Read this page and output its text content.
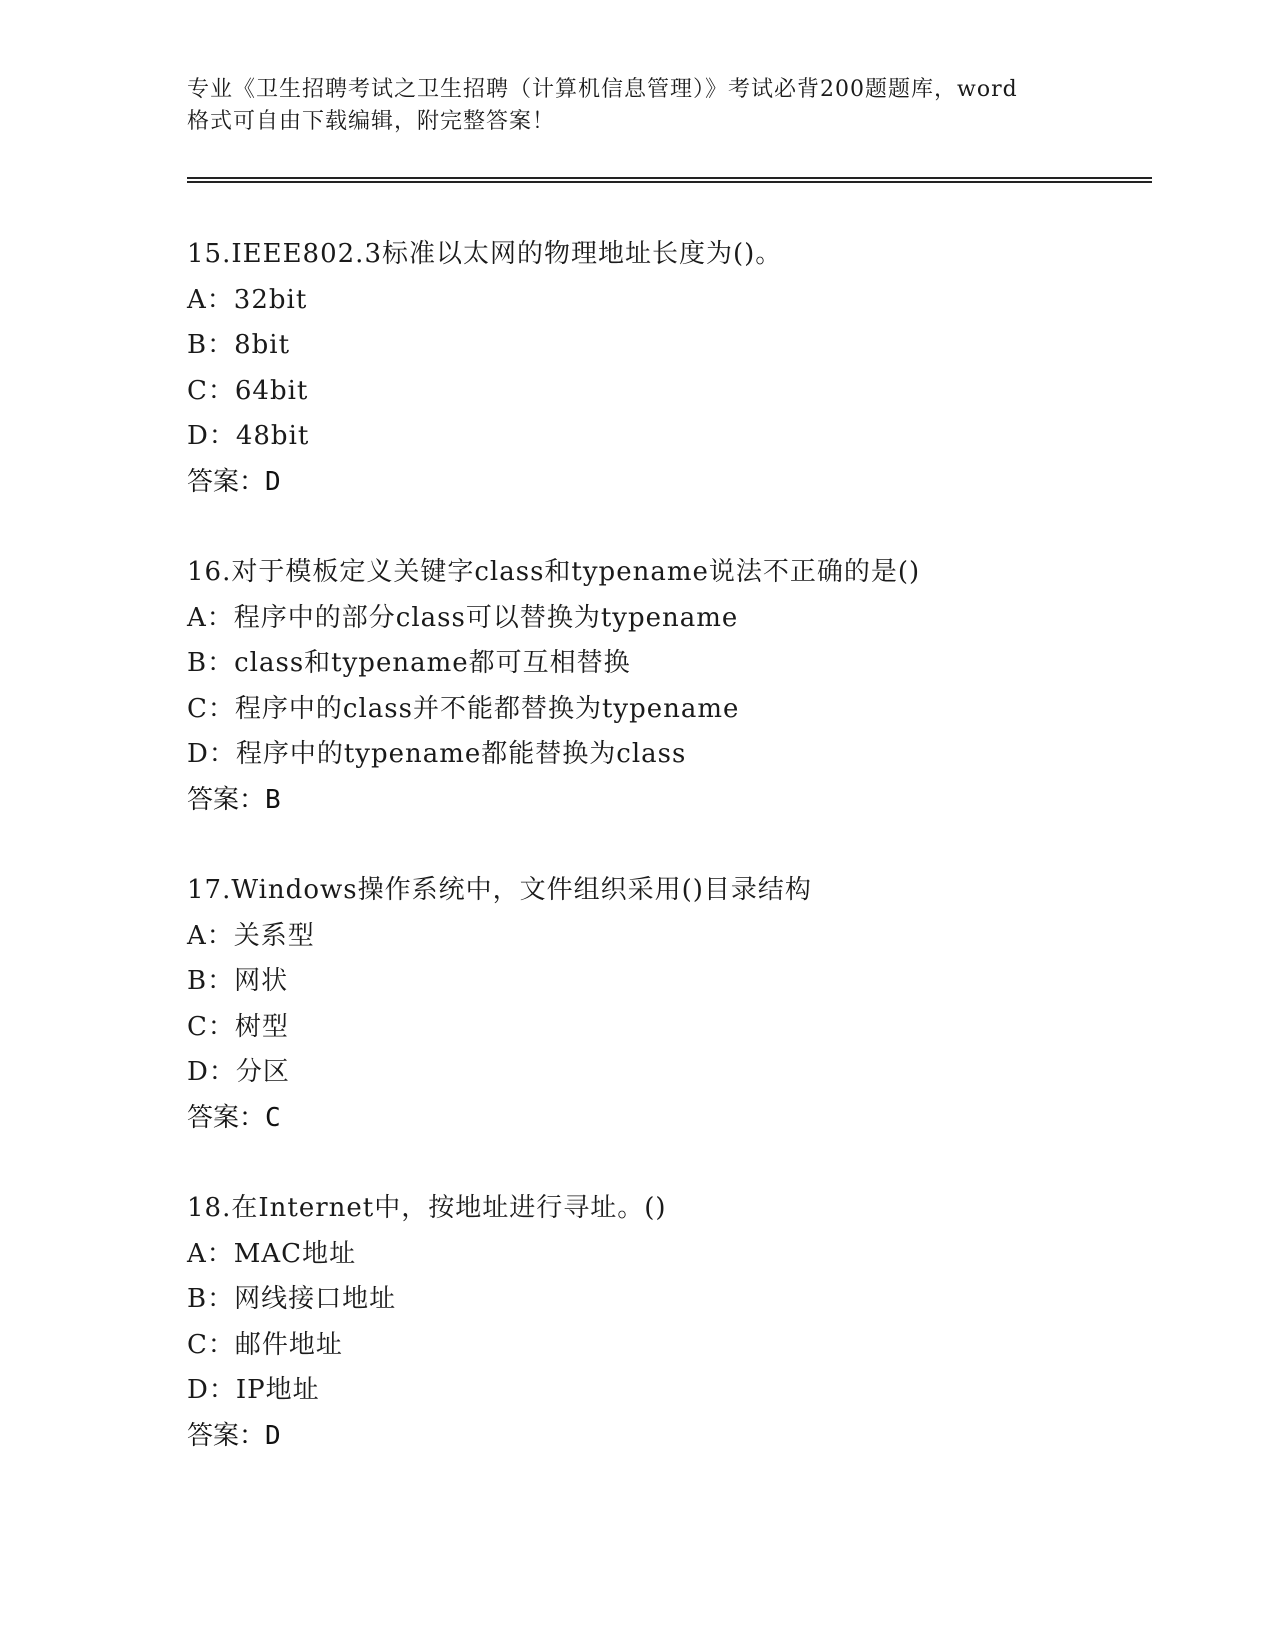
专业《卫生招聘考试之卫生招聘（计算机信息管理）》考试必背200题题库，word
格式可自由下载编辑，附完整答案！
15.IEEE802.3标准以太网的物理地址长度为()。
A：32bit
B：8bit
C：64bit
D：48bit
答案：D
16.对于模板定义关键字class和typename说法不正确的是()
A：程序中的部分class可以替换为typename
B：class和typename都可互相替换
C：程序中的class并不能都替换为typename
D：程序中的typename都能替换为class
答案：B
17.Windows操作系统中，文件组织采用()目录结构
A：关系型
B：网状
C：树型
D：分区
答案：C
18.在Internet中，按地址进行寻址。()
A：MAC地址
B：网线接口地址
C：邮件地址
D：IP地址
答案：D
